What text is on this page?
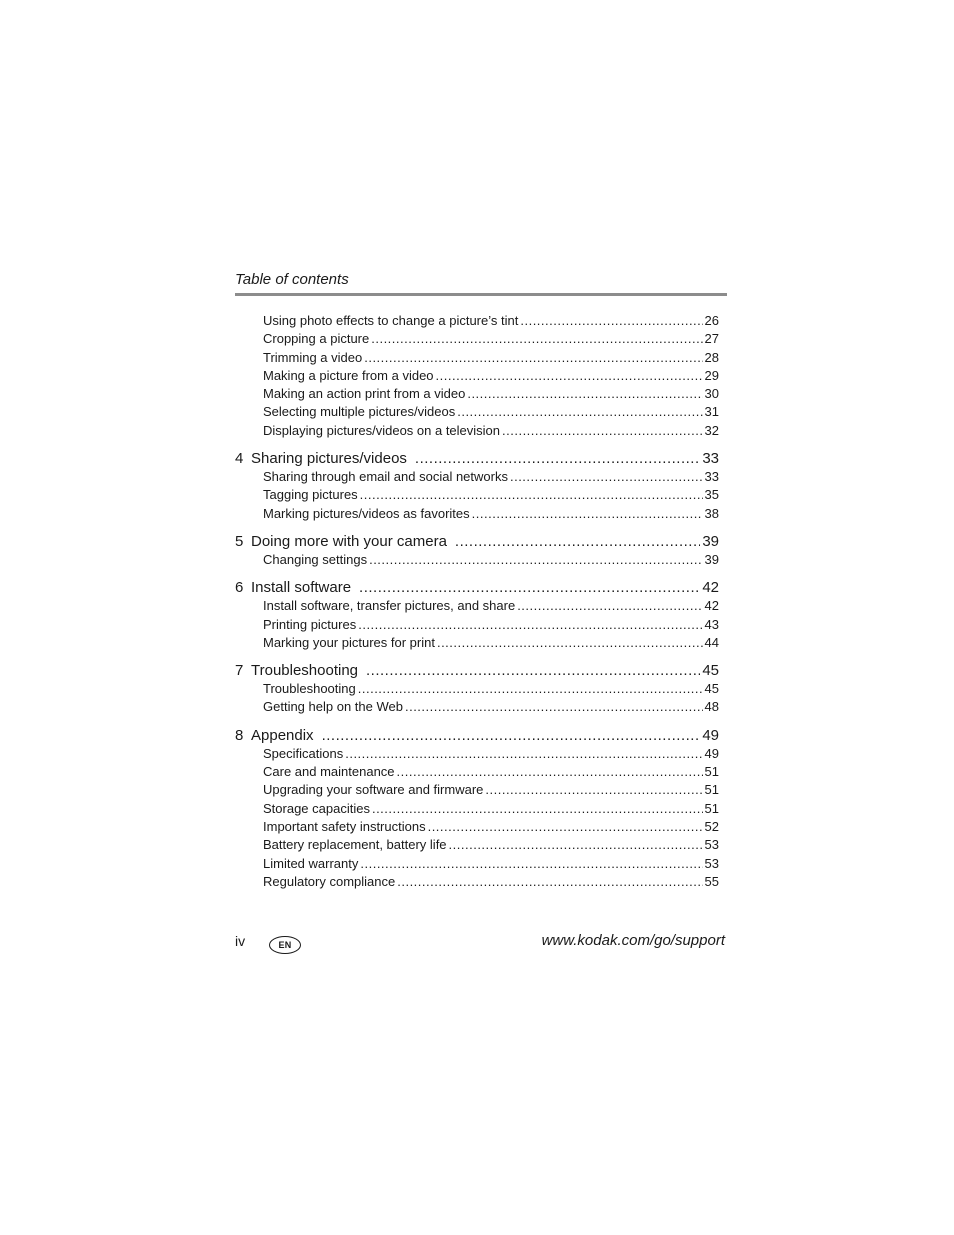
Table of contents

Using photo effects to change a picture’s tint .....	26
Cropping a picture .....	27
Trimming a video .....	28
Making a picture from a video .....	29
Making an action print from a video .....	30
Selecting multiple pictures/videos .....	31
Displaying pictures/videos on a television .....	32
4 Sharing pictures/videos .....	33
Sharing through email and social networks .....	33
Tagging pictures .....	35
Marking pictures/videos as favorites .....	38
5 Doing more with your camera .....	39
Changing settings .....	39
6 Install software .....	42
Install software, transfer pictures, and share .....	42
Printing pictures .....	43
Marking your pictures for print .....	44
7 Troubleshooting .....	45
Troubleshooting .....	45
Getting help on the Web .....	48
8 Appendix .....	49
Specifications .....	49
Care and maintenance .....	51
Upgrading your software and firmware .....	51
Storage capacities .....	51
Important safety instructions .....	52
Battery replacement, battery life .....	53
Limited warranty .....	53
Regulatory compliance .....	55
iv	EN	www.kodak.com/go/support
